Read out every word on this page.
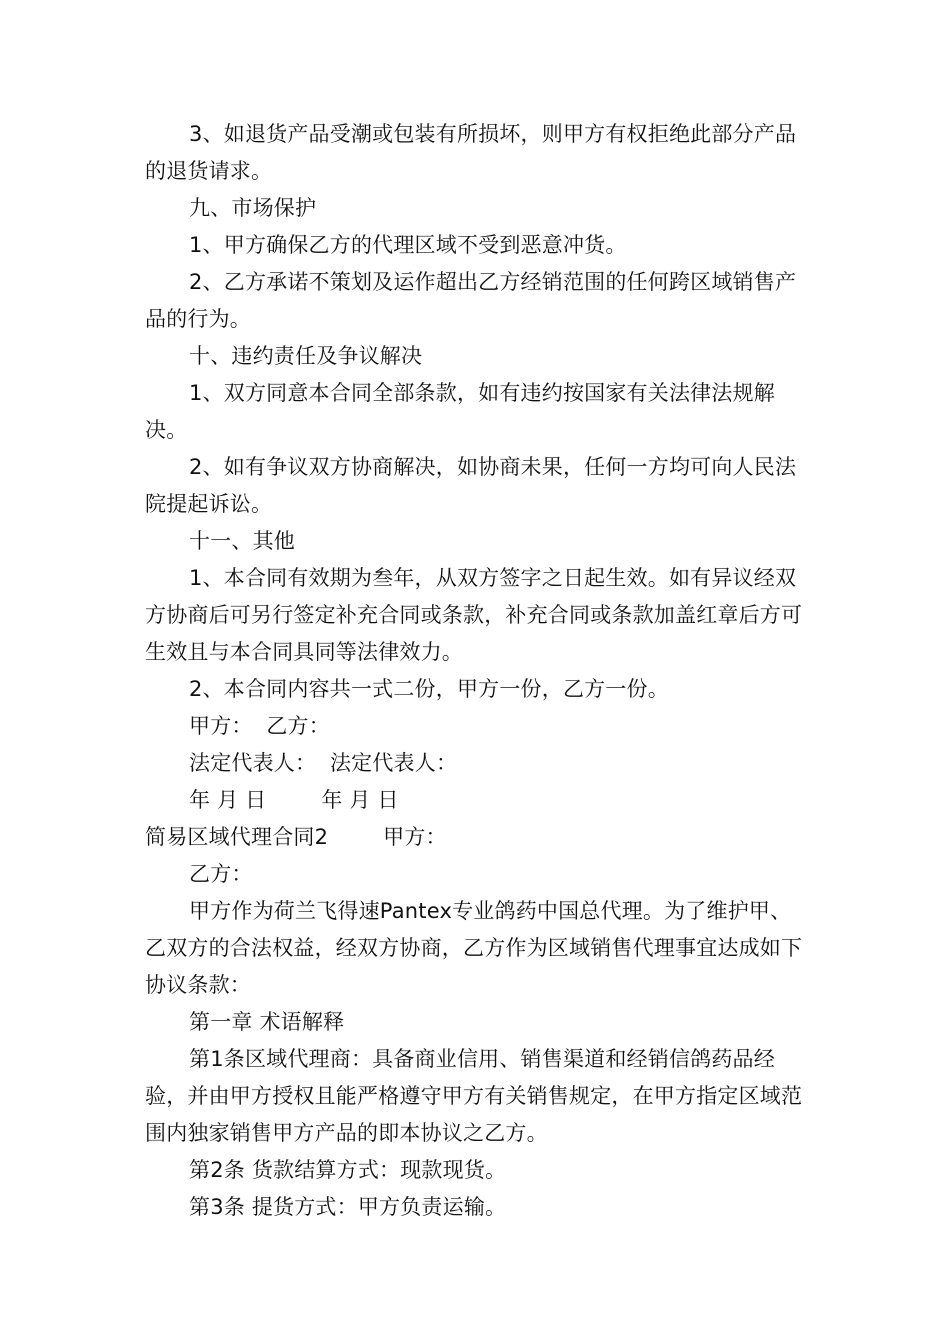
3、如退货产品受潮或包装有所损坏，则甲方有权拒绝此部分产品的退货请求。

九、市场保护

1、甲方确保乙方的代理区域不受到恶意冲货。

2、乙方承诺不策划及运作超出乙方经销范围的任何跨区域销售产品的行为。

十、违约责任及争议解决

1、双方同意本合同全部条款，如有违约按国家有关法律法规解决。

2、如有争议双方协商解决，如协商未果，任何一方均可向人民法院提起诉讼。

十一、其他

1、本合同有效期为叁年，从双方签字之日起生效。如有异议经双方协商后可另行签定补充合同或条款，补充合同或条款加盖红章后方可生效且与本合同具同等法律效力。

2、本合同内容共一式二份，甲方一份，乙方一份。

甲方：  乙方：

法定代表人：  法定代表人：

年 月 日        年 月 日

简易区域代理合同2        甲方：

乙方：

甲方作为荷兰飞得速Pantex专业鸽药中国总代理。为了维护甲、乙双方的合法权益，经双方协商，乙方作为区域销售代理事宜达成如下协议条款：

第一章 术语解释

第1条区域代理商：具备商业信用、销售渠道和经销信鸽药品经验，并由甲方授权且能严格遵守甲方有关销售规定，在甲方指定区域范围内独家销售甲方产品的即本协议之乙方。

第2条 货款结算方式：现款现货。

第3条 提货方式：甲方负责运输。
